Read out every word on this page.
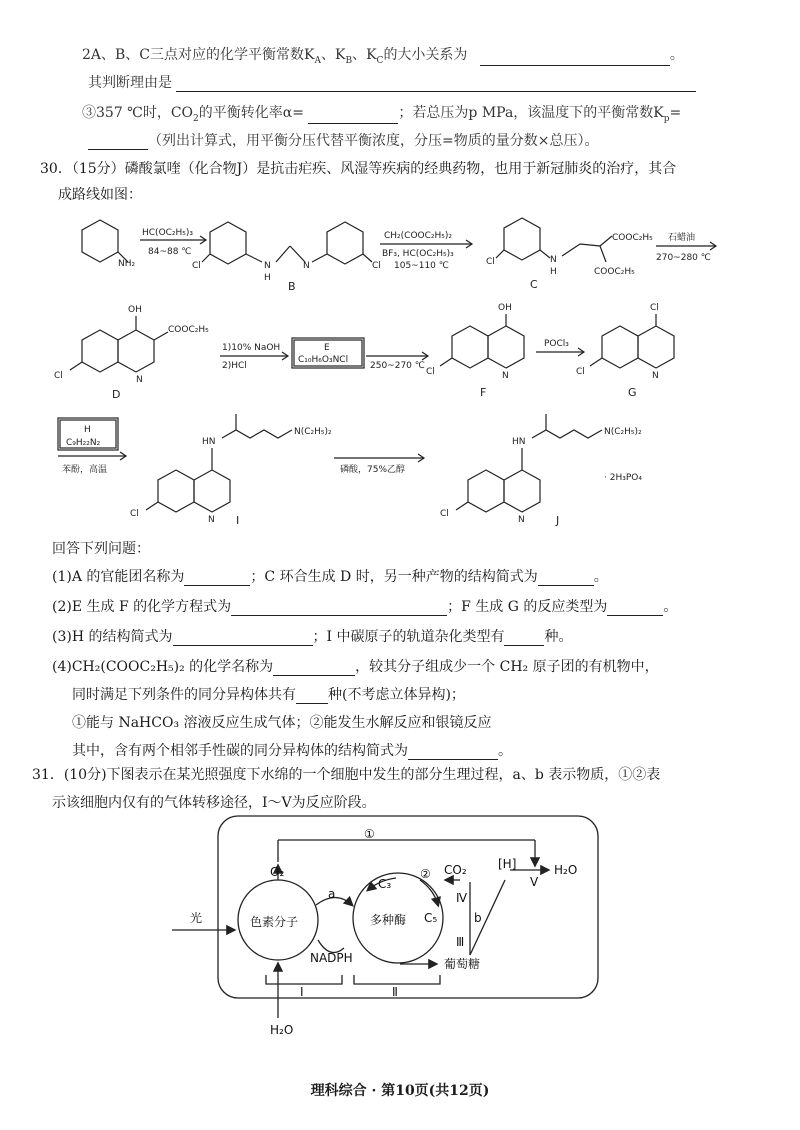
2A、B、C三点对应的化学平衡常数$K_A$、$K_B$、$K_C$的大小关系为	。
其判断理由是
③357 ℃时，$CO_2$的平衡转化率α=	；若总压为p MPa，该温度下的平衡常数$K_p=$
（列出计算式，用平衡分压代替平衡浓度，分压=物质的量分数×总压）。
30．（15分）磷酸氯喹（化合物J）是抗击疟疾、风湿等疾病的经典药物，也用于新冠肺炎的治疗，其合
成路线如图：
NH₂
HC(OC₂H₅)₃
84~88 ℃
Cl	N
H
N	Cl
B
CH₂(COOC₂H₅)₂
BF₃, HC(OC₂H₅)₃
105~110 ℃	Cl	N
H
COOC₂H₅
COOC₂H₅
C
石蜡油
270~280 ℃
OH
COOC₂H₅
N
Cl
D
1)10% NaOH
2)HCl
E
C₁₀H₆O₃NCl
250~270 ℃
OH
N
Cl
F
POCl₃
Cl
N
Cl
G
H
C₉H₂₂N₂
苯酚，高温
HN
N(C₂H₅)₂
N
Cl	I
磷酸，75%乙醇
HN
N(C₂H₅)₂
N
Cl
· 2H₃PO₄
J
回答下列问题：
(1)A 的官能团名称为	；C 环合生成 D 时，另一种产物的结构简式为	。
(2)E 生成 F 的化学方程式为	；F 生成 G 的反应类型为	。
(3)H 的结构简式为	；I 中碳原子的轨道杂化类型有	种。
(4)CH₂(COOC₂H₅)₂ 的化学名称为	，较其分子组成少一个 CH₂ 原子团的有机物中，
同时满足下列条件的同分异构体共有 种(不考虑立体异构)；
①能与 NaHCO₃ 溶液反应生成气体；②能发生水解反应和银镜反应
其中，含有两个相邻手性碳的同分异构体的结构简式为	。
31．(10分)下图表示在某光照强度下水绵的一个细胞中发生的部分生理过程，a、b 表示物质，①②表
示该细胞内仅有的气体转移途径，Ⅰ～Ⅴ为反应阶段。
①
②
O₂
光	色素分子
a
NADPH
多种酶
C₃
C₅
CO₂	[H]
Ⅴ
H₂O
Ⅳ
b
Ⅲ
葡萄糖
Ⅰ	Ⅱ
H₂O
理科综合 · 第10页(共12页)
